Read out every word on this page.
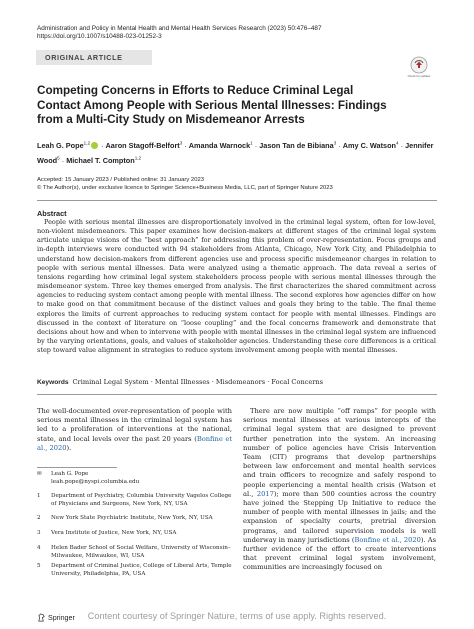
Administration and Policy in Mental Health and Mental Health Services Research (2023) 50:476–487
https://doi.org/10.1007/s10488-023-01252-3
ORIGINAL ARTICLE
Check for updates
Competing Concerns in Efforts to Reduce Criminal Legal Contact Among People with Serious Mental Illnesses: Findings from a Multi-City Study on Misdemeanor Arrests
Leah G. Pope$^{1,2}$ · Aaron Stagoff-Belfort$^3$ · Amanda Warnock$^1$ · Jason Tan de Bibiana$^3$ · Amy C. Watson$^4$ · Jennifer Wood$^5$ · Michael T. Compton$^{1,2}$
Accepted: 15 January 2023 / Published online: 31 January 2023
© The Author(s), under exclusive licence to Springer Science+Business Media, LLC, part of Springer Nature 2023
Abstract
People with serious mental illnesses are disproportionately involved in the criminal legal system, often for low-level, non-violent misdemeanors. This paper examines how decision-makers at different stages of the criminal legal system articulate unique visions of the “best approach” for addressing this problem of over-representation. Focus groups and in-depth interviews were conducted with 94 stakeholders from Atlanta, Chicago, New York City, and Philadelphia to understand how decision-makers from different agencies use and process specific misdemeanor charges in relation to people with serious mental illnesses. Data were analyzed using a thematic approach. The data reveal a series of tensions regarding how criminal legal system stakeholders process people with serious mental illnesses through the misdemeanor system. Three key themes emerged from analysis. The first characterizes the shared commitment across agencies to reducing system contact among people with mental illness. The second explores how agencies differ on how to make good on that commitment because of the distinct values and goals they bring to the table. The final theme explores the limits of current approaches to reducing system contact for people with mental illnesses. Findings are discussed in the context of literature on “loose coupling” and the focal concerns framework and demonstrate that decisions about how and when to intervene with people with mental illnesses in the criminal legal system are influenced by the varying orientations, goals, and values of stakeholder agencies. Understanding these core differences is a critical step toward value alignment in strategies to reduce system involvement among people with mental illnesses.
Keywords Criminal Legal System · Mental Illnesses · Misdemeanors · Focal Concerns
The well-documented over-representation of people with serious mental illnesses in the criminal legal system has led to a proliferation of interventions at the national, state, and local levels over the past 20 years (Bonfine et al., 2020).
✉ Leah G. Pope
leah.pope@nyspi.columbia.edu
1 Department of Psychiatry, Columbia University Vagelos College of Physicians and Surgeons, New York, NY, USA
2 New York State Psychiatric Institute, New York, NY, USA
3 Vera Institute of Justice, New York, NY, USA
4 Helen Bader School of Social Welfare, University of Wisconsin–Milwaukee, Milwaukee, WI, USA
5 Department of Criminal Justice, College of Liberal Arts, Temple University, Philadelphia, PA, USA
There are now multiple “off ramps” for people with serious mental illnesses at various intercepts of the criminal legal system that are designed to prevent further penetration into the system. An increasing number of police agencies have Crisis Intervention Team (CIT) programs that develop partnerships between law enforcement and mental health services and train officers to recognize and safely respond to people experiencing a mental health crisis (Watson et al., 2017); more than 500 counties across the country have joined the Stepping Up Initiative to reduce the number of people with mental illnesses in jails; and the expansion of specialty courts, pretrial diversion programs, and tailored supervision models is well underway in many jurisdictions (Bonfine et al., 2020). As further evidence of the effort to create interventions that prevent criminal legal system involvement, communities are increasingly focused on
Springer	Content courtesy of Springer Nature, terms of use apply. Rights reserved.
